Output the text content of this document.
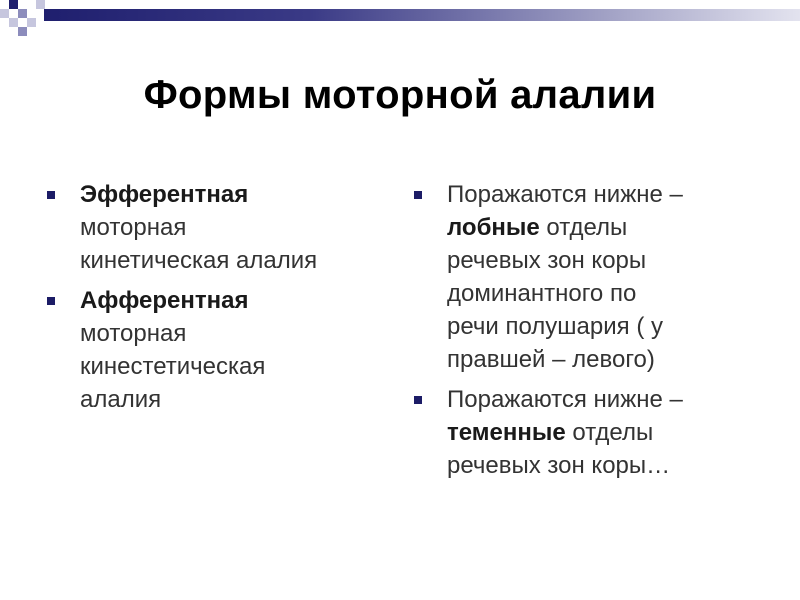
Формы моторной алалии
Эфферентная
моторная
кинетическая алалия
Афферентная
моторная
кинестетическая
алалия
Поражаются нижне –
лобные отделы
речевых зон коры
доминантного по
речи полушария ( у
правшей – левого)
Поражаются нижне –
теменные отделы
речевых зон коры…
